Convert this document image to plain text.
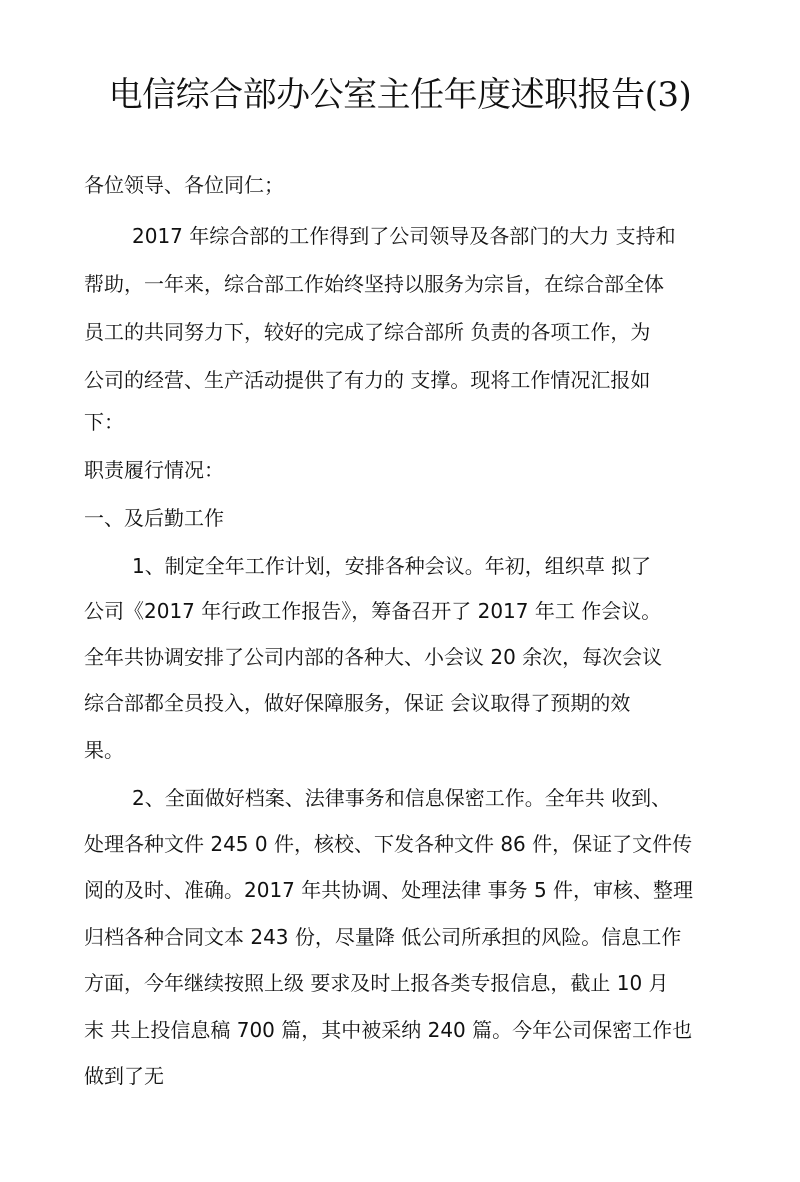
电信综合部办公室主任年度述职报告(3)
各位领导、各位同仁；
2017 年综合部的工作得到了公司领导及各部门的大力 支持和
帮助，一年来，综合部工作始终坚持以服务为宗旨，在综合部全体
员工的共同努力下，较好的完成了综合部所 负责的各项工作，为
公司的经营、生产活动提供了有力的 支撑。现将工作情况汇报如
下：
职责履行情况：
一、及后勤工作
1、制定全年工作计划，安排各种会议。年初，组织草 拟了
公司《2017 年行政工作报告》，筹备召开了 2017 年工 作会议。
全年共协调安排了公司内部的各种大、小会议 20 余次，每次会议
综合部都全员投入，做好保障服务，保证 会议取得了预期的效
果。
2、全面做好档案、法律事务和信息保密工作。全年共 收到、
处理各种文件 245 0 件，核校、下发各种文件 86 件，保证了文件传
阅的及时、准确。2017 年共协调、处理法律 事务 5 件，审核、整理
归档各种合同文本 243 份，尽量降 低公司所承担的风险。信息工作
方面，今年继续按照上级 要求及时上报各类专报信息，截止 10 月
末 共上投信息稿 700 篇，其中被采纳 240 篇。今年公司保密工作也
做到了无
